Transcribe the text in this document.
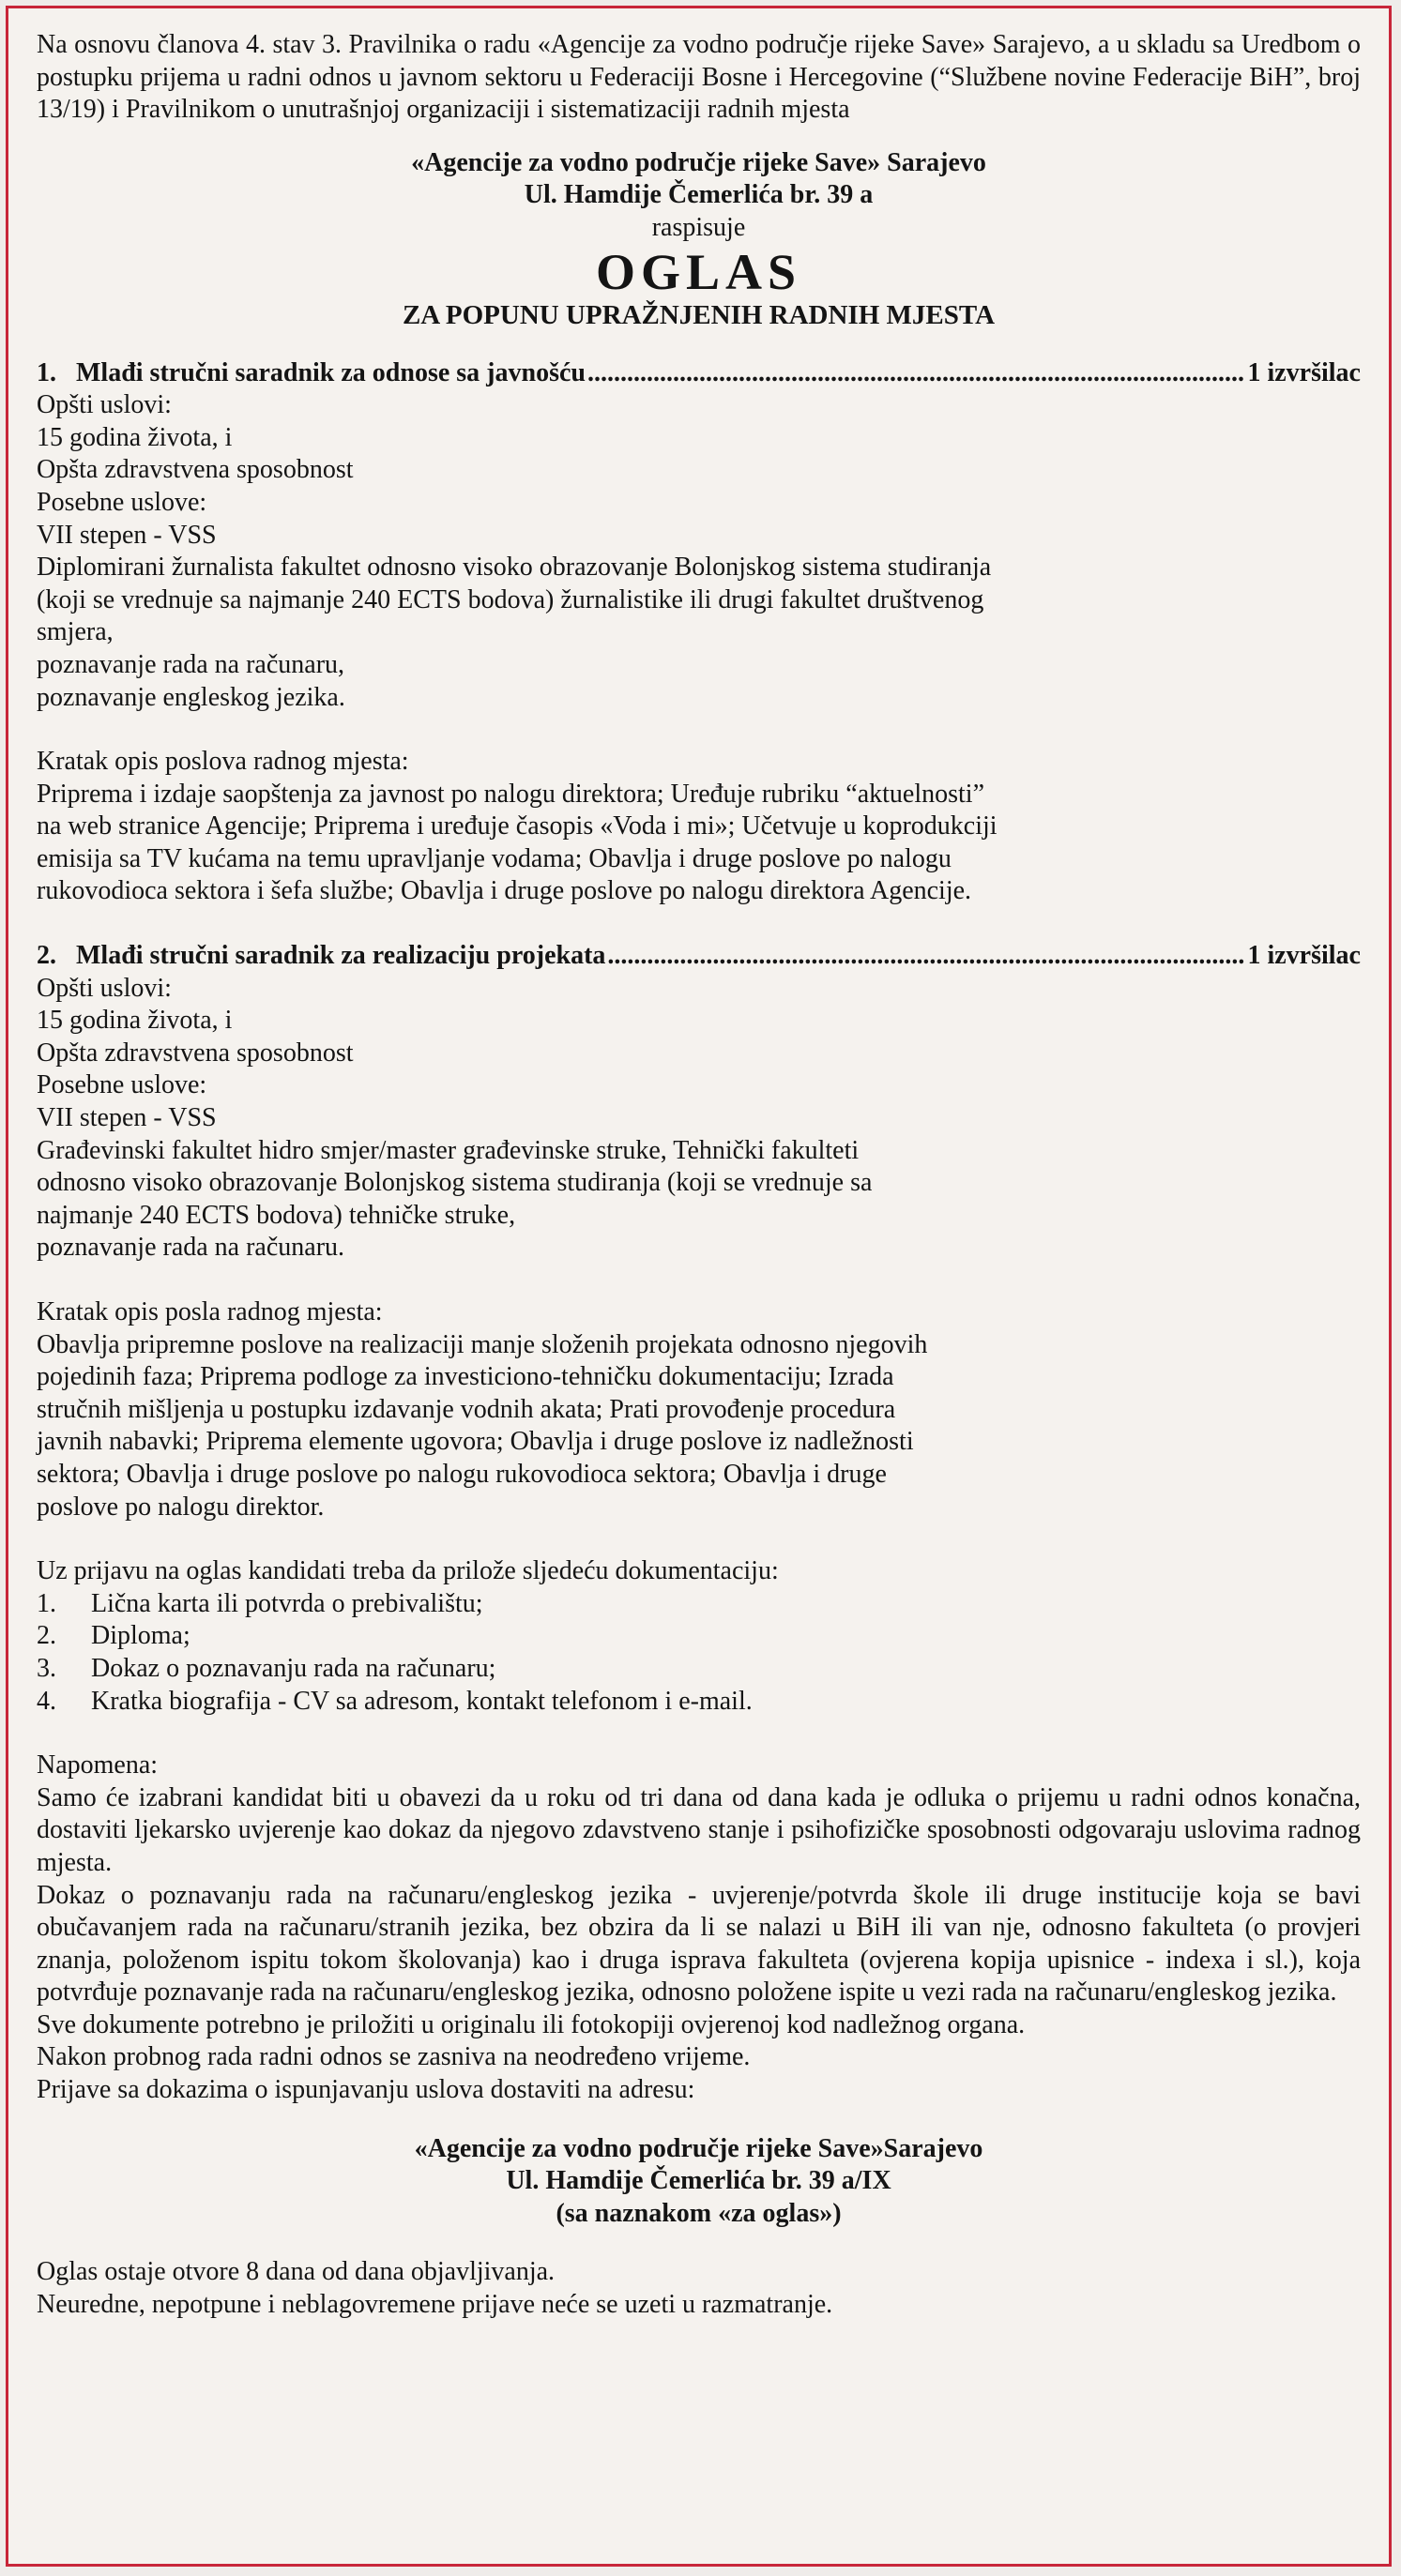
Na osnovu članova 4. stav 3. Pravilnika o radu «Agencije za vodno područje rijeke Save» Sarajevo, a u skladu sa Uredbom o postupku prijema u radni odnos u javnom sektoru u Federaciji Bosne i Hercegovine (“Službene novine Federacije BiH”, broj 13/19) i Pravilnikom o unutrašnjoj organizaciji i sistematizaciji radnih mjesta

«Agencije za vodno područje rijeke Save» Sarajevo

Ul. Hamdije Čemerlića br. 39 a

raspisuje

OGLAS

ZA POPUNU UPRAŽNJENIH RADNIH MJESTA

1. Mlađi stručni saradnik za odnose sa javnošću .....	1 izvršilac

Opšti uslovi:

15 godina života, i

Opšta zdravstvena sposobnost

Posebne uslove:

VII stepen - VSS

Diplomirani žurnalista fakultet odnosno visoko obrazovanje Bolonjskog sistema studiranja

(koji se vrednuje sa najmanje 240 ECTS bodova) žurnalistike ili drugi fakultet društvenog

smjera,

poznavanje rada na računaru,

poznavanje engleskog jezika.

Kratak opis poslova radnog mjesta:

Priprema i izdaje saopštenja za javnost po nalogu direktora; Uređuje rubriku “aktuelnosti”

na web stranice Agencije; Priprema i uređuje časopis «Voda i mi»; Učetvuje u koprodukciji

emisija sa TV kućama na temu upravljanje vodama; Obavlja i druge poslove po nalogu

rukovodioca sektora i šefa službe; Obavlja i druge poslove po nalogu direktora Agencije.

2. Mlađi stručni saradnik za realizaciju projekata .....	1 izvršilac

Opšti uslovi:

15 godina života, i

Opšta zdravstvena sposobnost

Posebne uslove:

VII stepen - VSS

Građevinski fakultet hidro smjer/master građevinske struke, Tehnički fakulteti

odnosno visoko obrazovanje Bolonjskog sistema studiranja (koji se vrednuje sa

najmanje 240 ECTS bodova) tehničke struke,

poznavanje rada na računaru.

Kratak opis posla radnog mjesta:

Obavlja pripremne poslove na realizaciji manje složenih projekata odnosno njegovih

pojedinih faza; Priprema podloge za investiciono-tehničku dokumentaciju; Izrada

stručnih mišljenja u postupku izdavanje vodnih akata; Prati provođenje procedura

javnih nabavki; Priprema elemente ugovora; Obavlja i druge poslove iz nadležnosti

sektora; Obavlja i druge poslove po nalogu rukovodioca sektora; Obavlja i druge

poslove po nalogu direktor.

Uz prijavu na oglas kandidati treba da prilože sljedeću dokumentaciju:

1.	Lična karta ili potvrda o prebivalištu;
2.	Diploma;
3.	Dokaz o poznavanju rada na računaru;
4.	Kratka biografija - CV sa adresom, kontakt telefonom i e-mail.

Napomena:

Samo će izabrani kandidat biti u obavezi da u roku od tri dana od dana kada je odluka o prijemu u radni odnos konačna, dostaviti ljekarsko uvjerenje kao dokaz da njegovo zdavstveno stanje i psihofizičke sposobnosti odgovaraju uslovima radnog mjesta.

Dokaz o poznavanju rada na računaru/engleskog jezika - uvjerenje/potvrda škole ili druge institucije koja se bavi obučavanjem rada na računaru/stranih jezika, bez obzira da li se nalazi u BiH ili van nje, odnosno fakulteta (o provjeri znanja, položenom ispitu tokom školovanja) kao i druga isprava fakulteta (ovjerena kopija upisnice - indexa i sl.), koja potvrđuje poznavanje rada na računaru/engleskog jezika, odnosno položene ispite u vezi rada na računaru/engleskog jezika.

Sve dokumente potrebno je priložiti u originalu ili fotokopiji ovjerenoj kod nadležnog organa.

Nakon probnog rada radni odnos se zasniva na neodređeno vrijeme.

Prijave sa dokazima o ispunjavanju uslova dostaviti na adresu:

«Agencije za vodno područje rijeke Save»Sarajevo

Ul. Hamdije Čemerlića br. 39 a/IX

(sa naznakom «za oglas»)

Oglas ostaje otvore 8 dana od dana objavljivanja.

Neuredne, nepotpune i neblagovremene prijave neće se uzeti u razmatranje.
